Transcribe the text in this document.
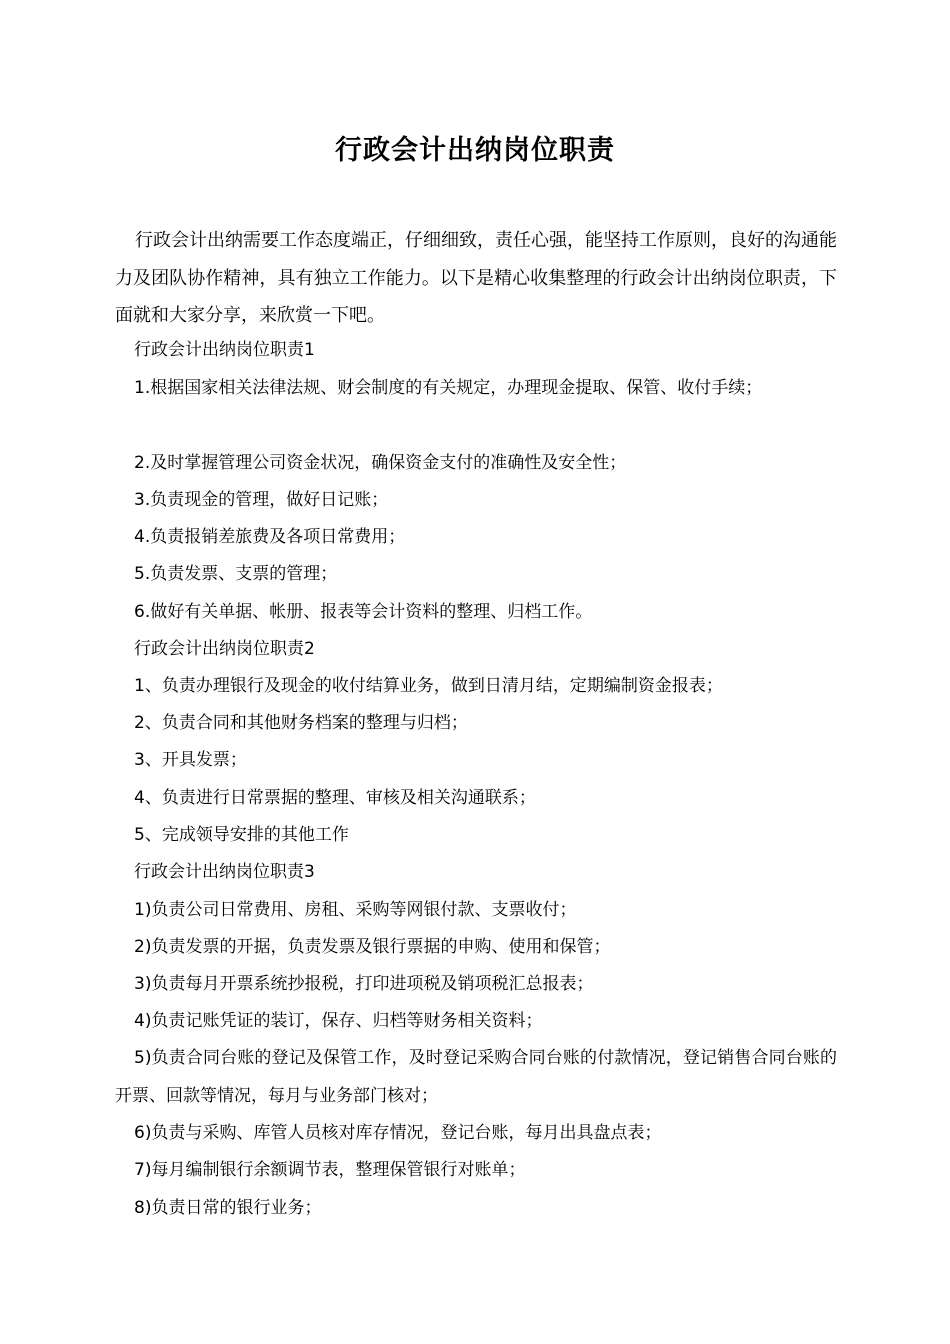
行政会计出纳岗位职责
行政会计出纳需要工作态度端正，仔细细致，责任心强，能坚持工作原则，良好的沟通能力及团队协作精神，具有独立工作能力。以下是精心收集整理的行政会计出纳岗位职责，下面就和大家分享，来欣赏一下吧。
行政会计出纳岗位职责1
1.根据国家相关法律法规、财会制度的有关规定，办理现金提取、保管、收付手续；
2.及时掌握管理公司资金状况，确保资金支付的准确性及安全性；
3.负责现金的管理，做好日记账；
4.负责报销差旅费及各项日常费用；
5.负责发票、支票的管理；
6.做好有关单据、帐册、报表等会计资料的整理、归档工作。
行政会计出纳岗位职责2
1、负责办理银行及现金的收付结算业务，做到日清月结，定期编制资金报表；
2、负责合同和其他财务档案的整理与归档；
3、开具发票；
4、负责进行日常票据的整理、审核及相关沟通联系；
5、完成领导安排的其他工作
行政会计出纳岗位职责3
1)负责公司日常费用、房租、采购等网银付款、支票收付；
2)负责发票的开据，负责发票及银行票据的申购、使用和保管；
3)负责每月开票系统抄报税，打印进项税及销项税汇总报表；
4)负责记账凭证的装订，保存、归档等财务相关资料；
5)负责合同台账的登记及保管工作，及时登记采购合同台账的付款情况，登记销售合同台账的开票、回款等情况，每月与业务部门核对；
6)负责与采购、库管人员核对库存情况，登记台账，每月出具盘点表；
7)每月编制银行余额调节表，整理保管银行对账单；
8)负责日常的银行业务；
